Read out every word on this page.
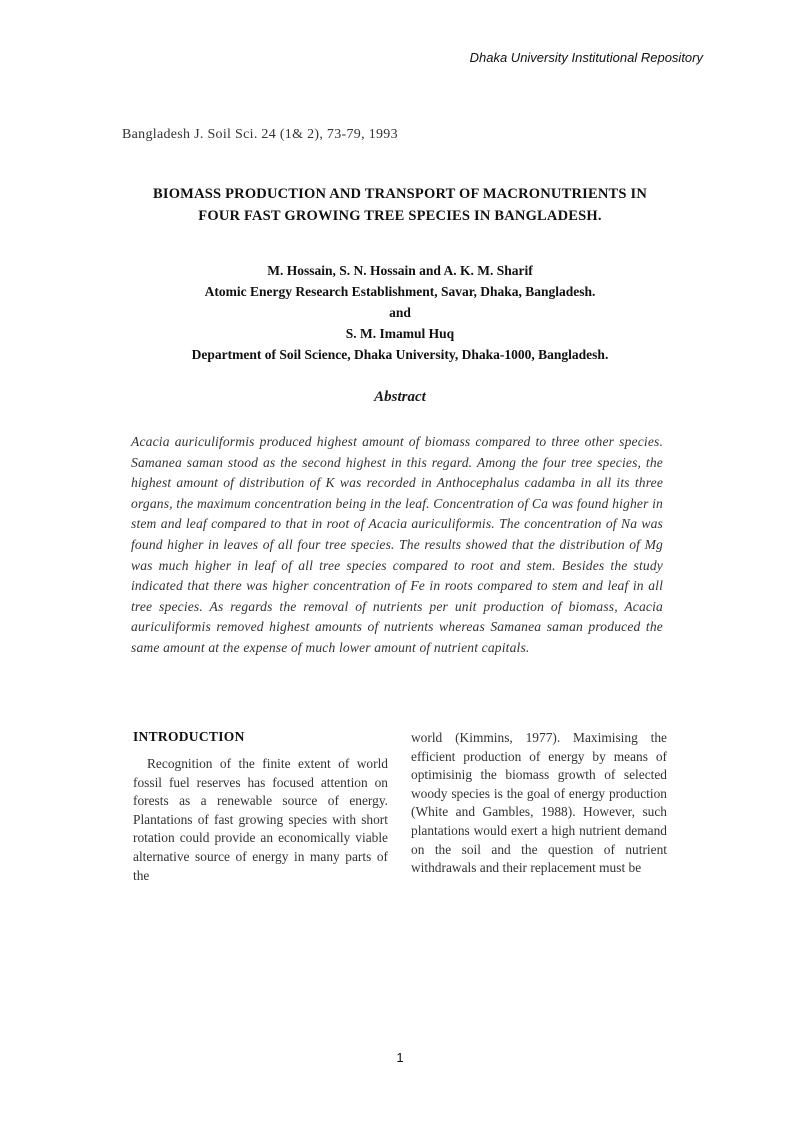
Dhaka University Institutional Repository
Bangladesh J. Soil Sci. 24 (1& 2), 73-79, 1993
BIOMASS PRODUCTION AND TRANSPORT OF MACRONUTRIENTS IN
FOUR FAST GROWING TREE SPECIES IN BANGLADESH.
M. Hossain, S. N. Hossain and A. K. M. Sharif
Atomic Energy Research Establishment, Savar, Dhaka, Bangladesh.
and
S. M. Imamul Huq
Department of Soil Science, Dhaka University, Dhaka-1000, Bangladesh.
Abstract

Acacia auriculiformis produced highest amount of biomass compared to three other species. Samanea saman stood as the second highest in this regard. Among the four tree species, the highest amount of distribution of K was recorded in Anthocephalus cadamba in all its three organs, the maximum concentration being in the leaf. Concentration of Ca was found higher in stem and leaf compared to that in root of Acacia auriculiformis. The concentration of Na was found higher in leaves of all four tree species. The results showed that the distribution of Mg was much higher in leaf of all tree species compared to root and stem. Besides the study indicated that there was higher concentration of Fe in roots compared to stem and leaf in all tree species. As regards the removal of nutrients per unit production of biomass, Acacia auriculiformis removed highest amounts of nutrients whereas Samanea saman produced the same amount at the expense of much lower amount of nutrient capitals.

INTRODUCTION

Recognition of the finite extent of world fossil fuel reserves has focused attention on forests as a renewable source of energy. Plantations of fast growing species with short rotation could provide an economically viable alternative source of energy in many parts of the

world (Kimmins, 1977). Maximising the efficient production of energy by means of optimisinig the biomass growth of selected woody species is the goal of energy production (White and Gambles, 1988). However, such plantations would exert a high nutrient demand on the soil and the question of nutrient withdrawals and their replacement must be

1
